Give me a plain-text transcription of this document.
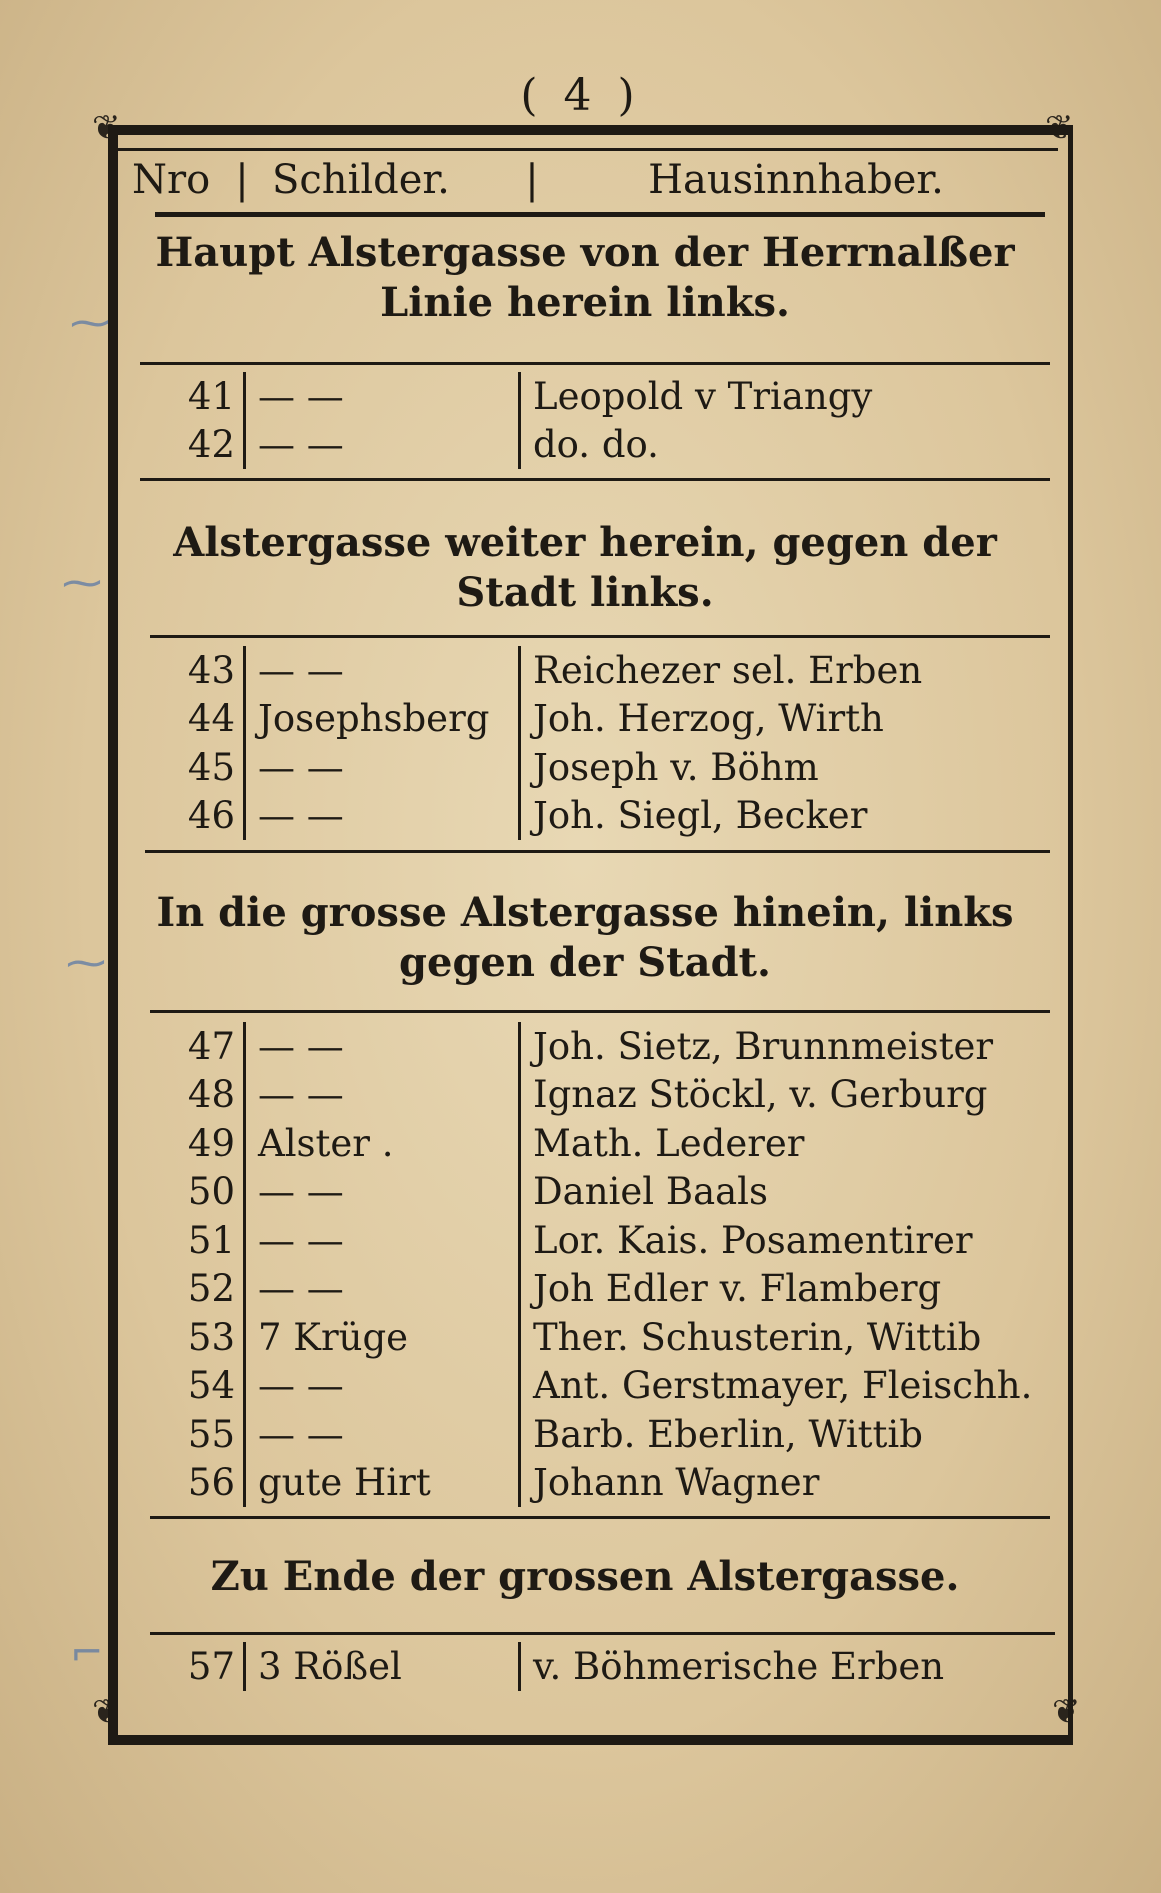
( 4 )
❦	❦
❦	❦
Nro | Schilder.	|	Hausinnhaber.
Haupt Alstergasse von der Herrnalßer Linie herein links.
41 — —	Leopold v Triangy
42 — —	do. do.
Alstergasse weiter herein, gegen der Stadt links.
43 — —	Reichezer sel. Erben
44 Josephsberg	Joh. Herzog, Wirth
45 — —	Joseph v. Böhm
46 — —	Joh. Siegl, Becker
In die grosse Alstergasse hinein, links gegen der Stadt.
47 — —	Joh. Sietz, Brunnmeister
48 — —	Ignaz Stöckl, v. Gerburg
49 Alster .	Math. Lederer
50 — —	Daniel Baals
51 — —	Lor. Kais. Posamentirer
52 — —	Joh Edler v. Flamberg
53 7 Krüge	Ther. Schusterin, Wittib
54 — —	Ant. Gerstmayer, Fleischh.
55 — —	Barb. Eberlin, Wittib
56 gute Hirt	Johann Wagner
Zu Ende der grossen Alstergasse.
57 3 Rößel	v. Böhmerische Erben
⁓
⁓
⁓
⌐
